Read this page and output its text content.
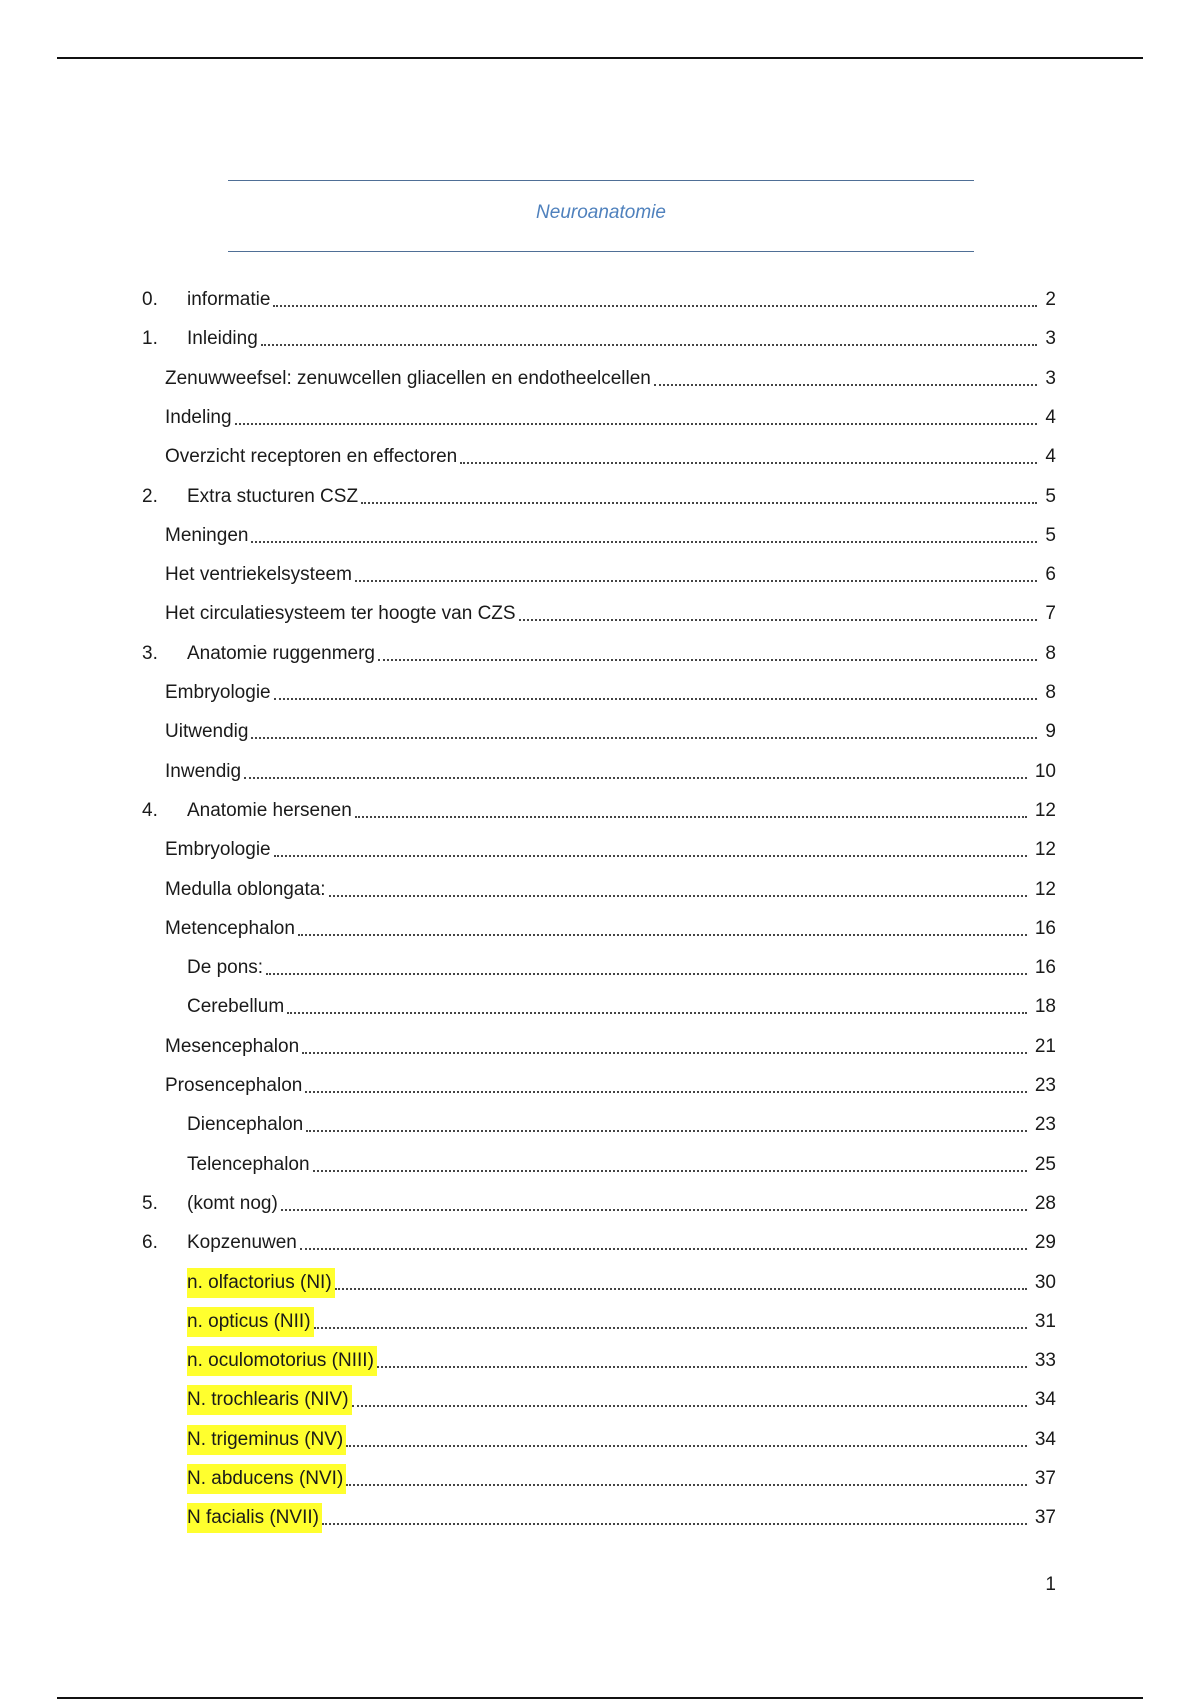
Neuroanatomie
0. informatie	2
1. Inleiding	3
Zenuwweefsel: zenuwcellen gliacellen en endotheelcellen	3
Indeling	4
Overzicht receptoren en effectoren	4
2. Extra stucturen CSZ	5
Meningen	5
Het ventriekelsysteem	6
Het circulatiesysteem ter hoogte van CZS	7
3. Anatomie ruggenmerg	8
Embryologie	8
Uitwendig	9
Inwendig	10
4. Anatomie hersenen	12
Embryologie	12
Medulla oblongata:	12
Metencephalon	16
De pons:	16
Cerebellum	18
Mesencephalon	21
Prosencephalon	23
Diencephalon	23
Telencephalon	25
5. (komt nog)	28
6. Kopzenuwen	29
n. olfactorius (NI)	30
n. opticus (NII)	31
n. oculomotorius (NIII)	33
N. trochlearis (NIV)	34
N. trigeminus (NV)	34
N. abducens (NVI)	37
N facialis (NVII)	37
1
